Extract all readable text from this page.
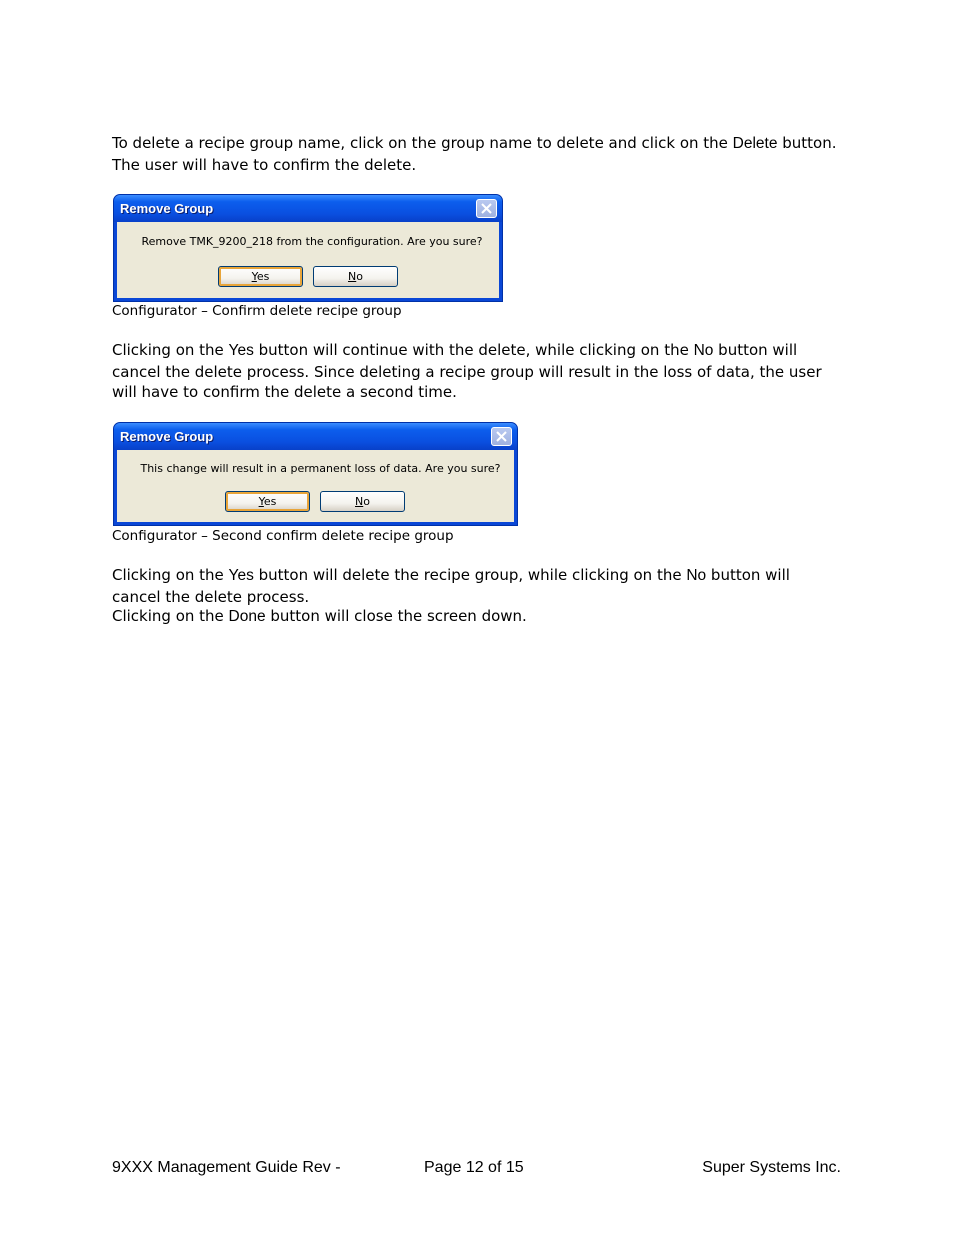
To delete a recipe group name, click on the group name to delete and click on the Delete button. The user will have to confirm the delete.

Remove Group
Remove TMK_9200_218 from the configuration. Are you sure?
Yes	No

Configurator – Confirm delete recipe group

Clicking on the Yes button will continue with the delete, while clicking on the No button will cancel the delete process. Since deleting a recipe group will result in the loss of data, the user will have to confirm the delete a second time.

Remove Group
This change will result in a permanent loss of data. Are you sure?
Yes	No

Configurator – Second confirm delete recipe group

Clicking on the Yes button will delete the recipe group, while clicking on the No button will cancel the delete process.

Clicking on the Done button will close the screen down.

9XXX Management Guide Rev -	Page 12 of 15	Super Systems Inc.
